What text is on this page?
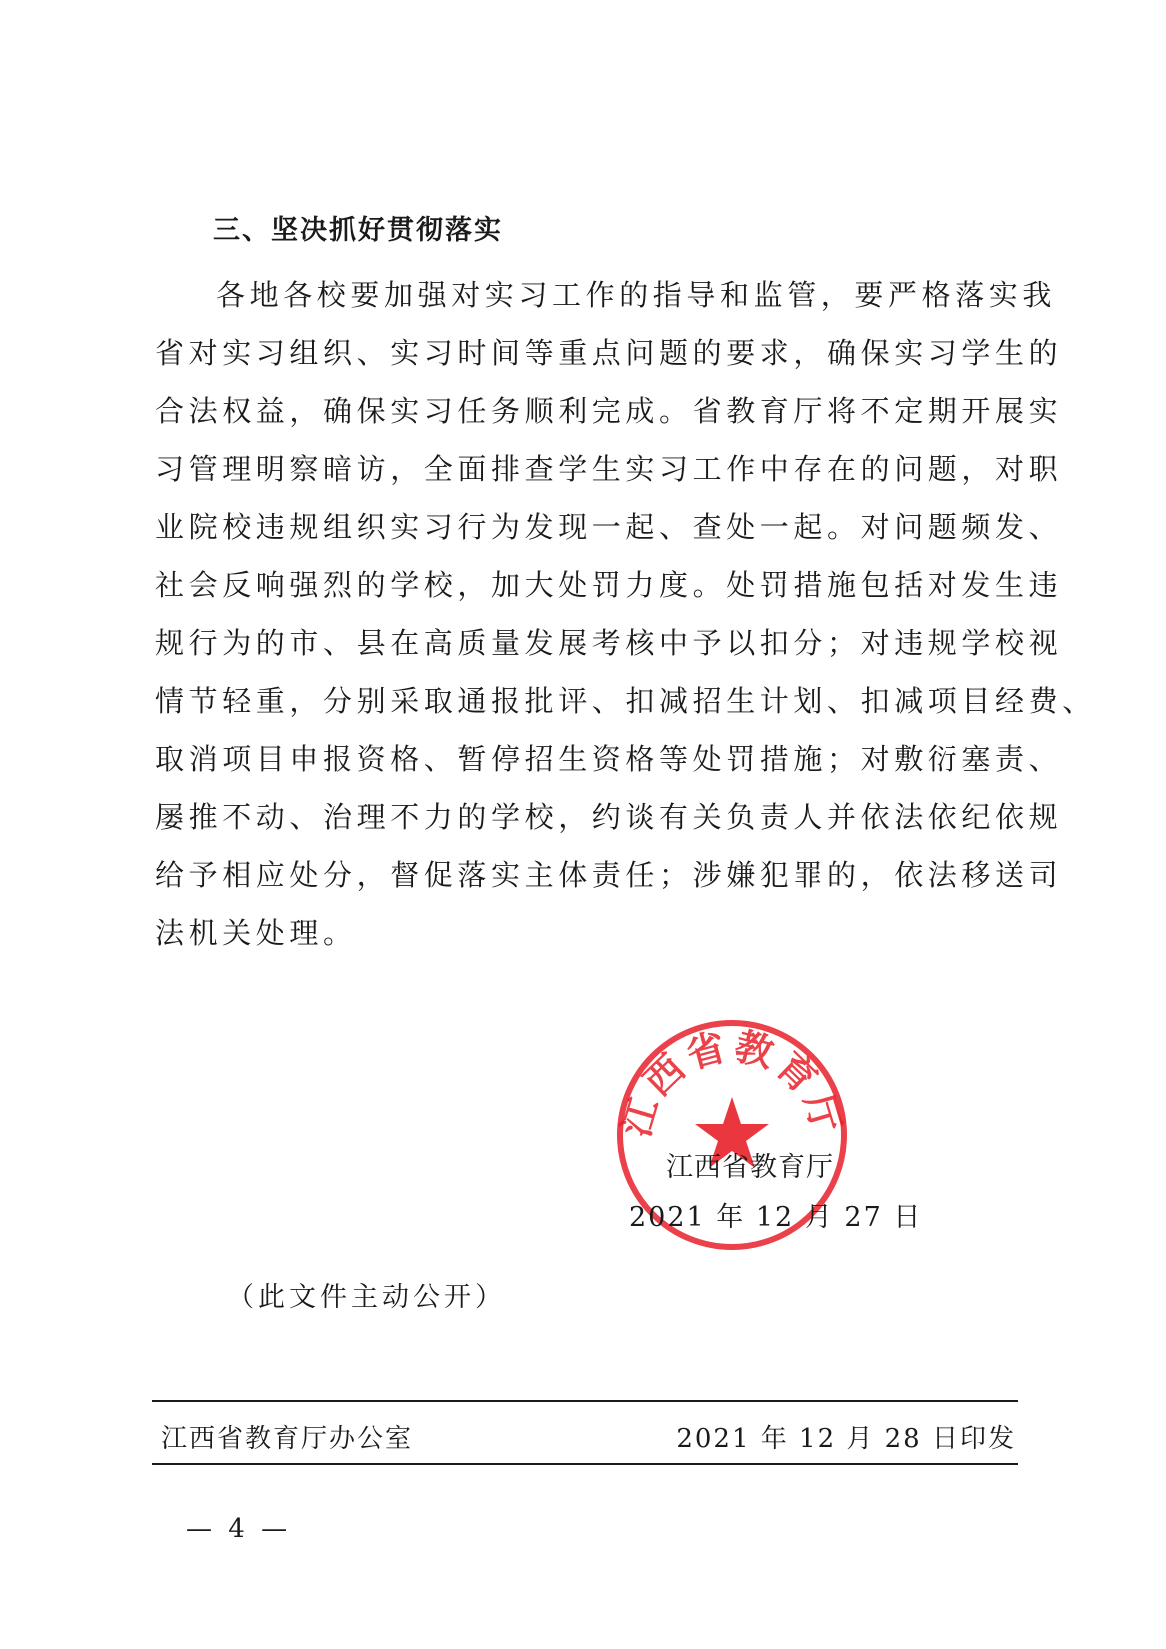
三、坚决抓好贯彻落实

各地各校要加强对实习工作的指导和监管，要严格落实我
省对实习组织、实习时间等重点问题的要求，确保实习学生的
合法权益，确保实习任务顺利完成。省教育厅将不定期开展实
习管理明察暗访，全面排查学生实习工作中存在的问题，对职
业院校违规组织实习行为发现一起、查处一起。对问题频发、
社会反响强烈的学校，加大处罚力度。处罚措施包括对发生违
规行为的市、县在高质量发展考核中予以扣分；对违规学校视
情节轻重，分别采取通报批评、扣减招生计划、扣减项目经费、
取消项目申报资格、暂停招生资格等处罚措施；对敷衍塞责、
屡推不动、治理不力的学校，约谈有关负责人并依法依纪依规
给予相应处分，督促落实主体责任；涉嫌犯罪的，依法移送司
法机关处理。

江西省教育厅
江西省教育厅
2021 年 12 月 27 日
（此文件主动公开）
江西省教育厅办公室	2021 年 12 月 28 日印发
— 4 —
